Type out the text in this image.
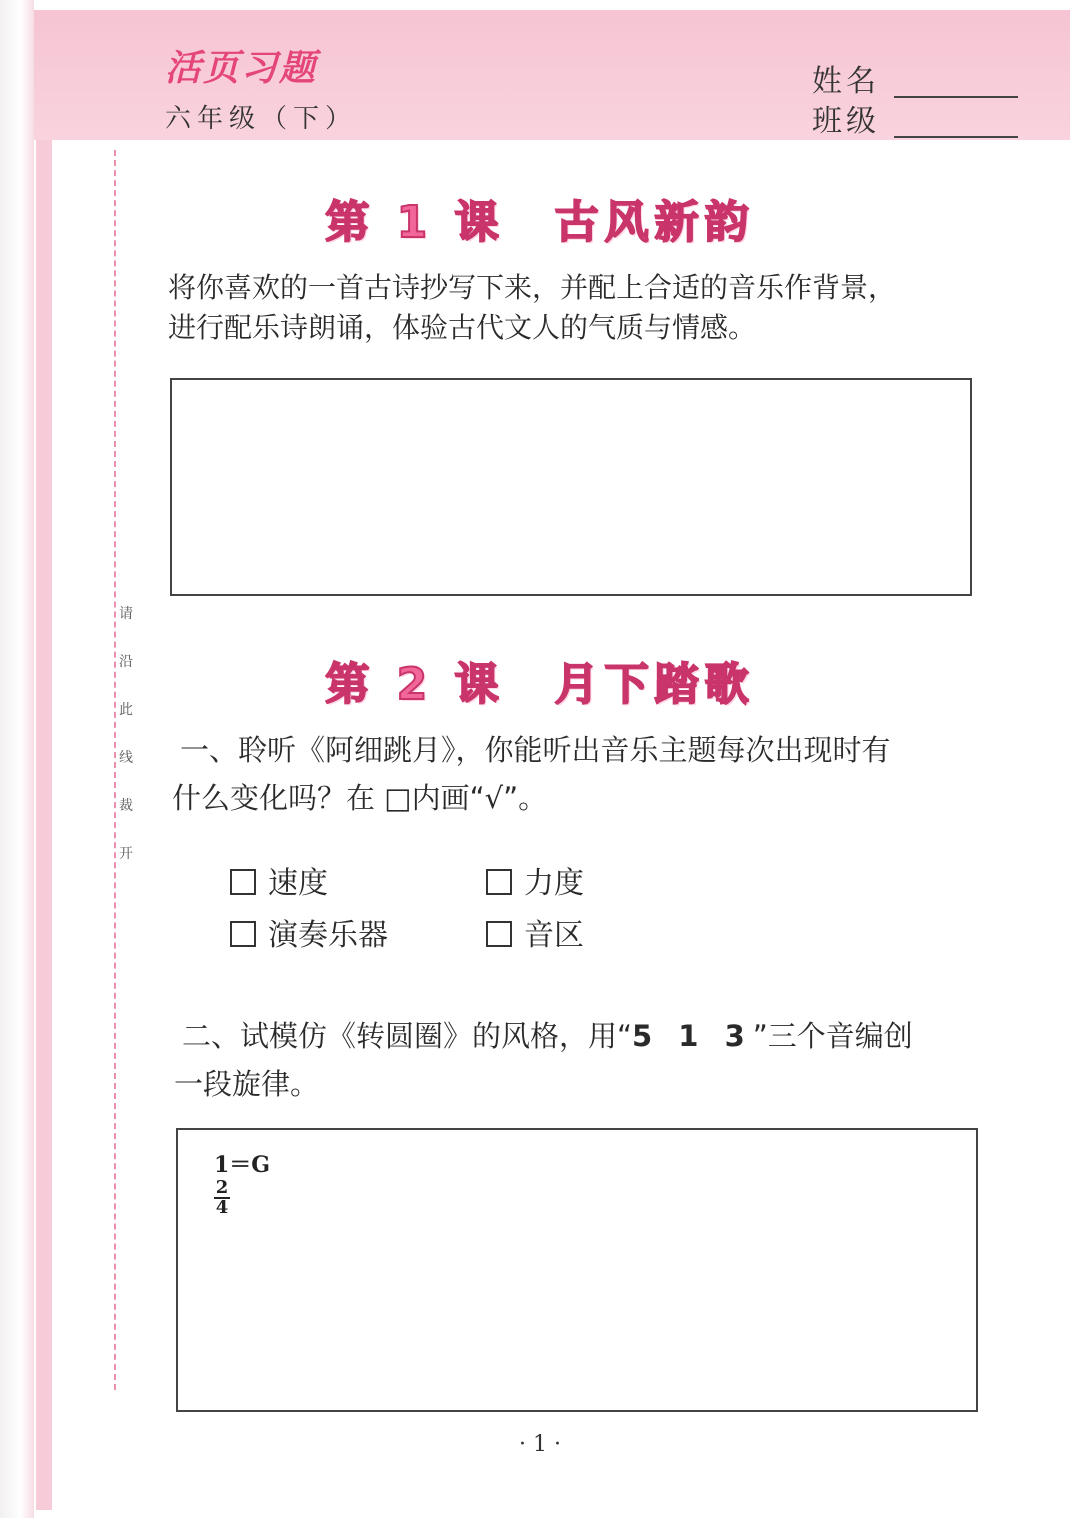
活页习题
六年级（下）
姓名
班级
请
沿
此
线
裁
开
第 1 课　古风新韵
将你喜欢的一首古诗抄写下来，并配上合适的音乐作背景，
进行配乐诗朗诵，体验古代文人的气质与情感。
第 2 课　月下踏歌
一、聆听《阿细跳月》，你能听出音乐主题每次出现时有
什么变化吗？在 □内画“√”。
速度	力度
演奏乐器	音区
二、试模仿《转圆圈》的风格，用“5 1 3”三个音编创
一段旋律。
1＝G
2
4
· 1 ·
